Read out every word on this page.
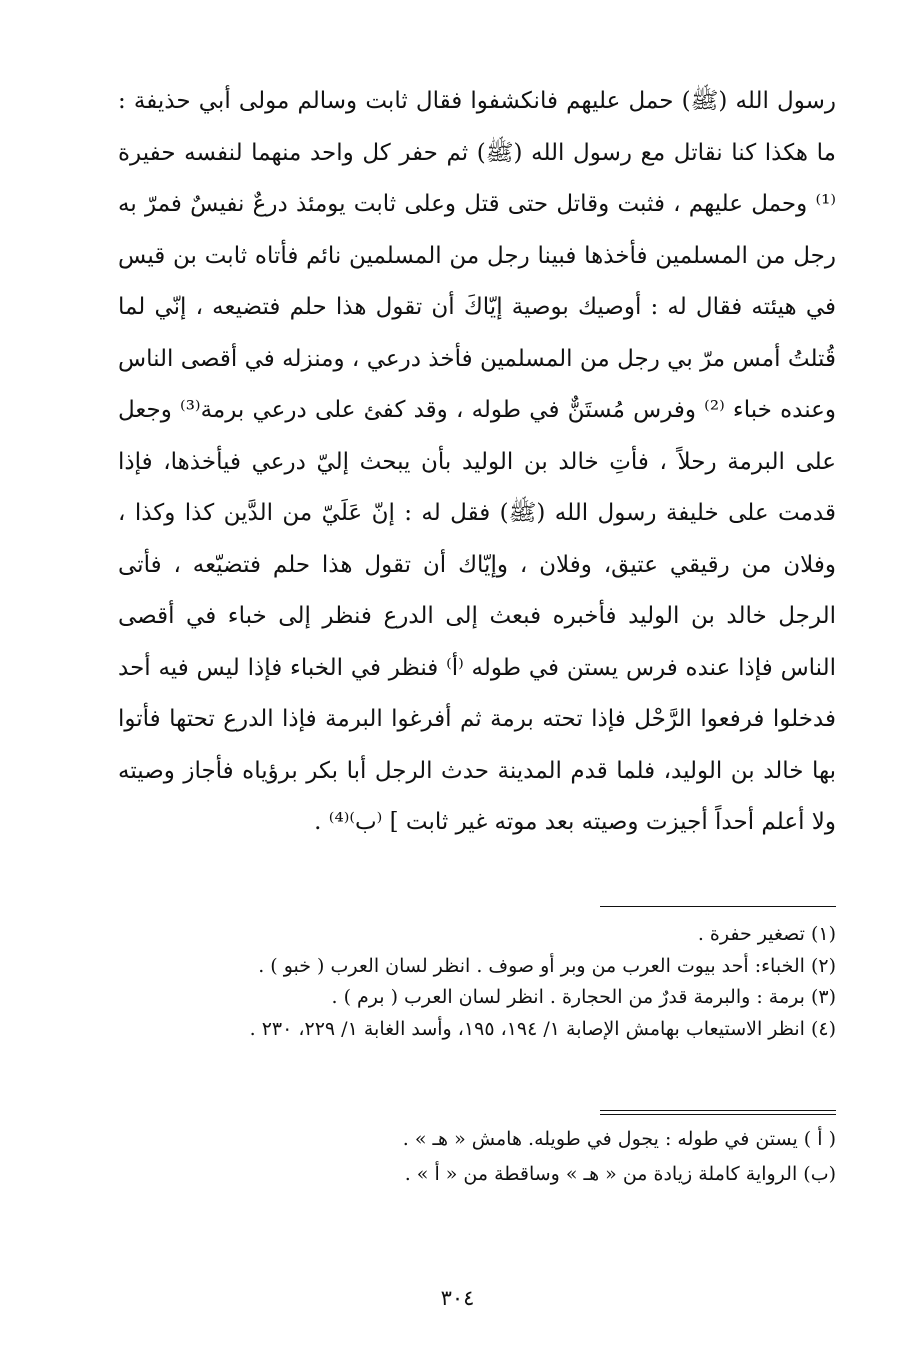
رسول الله (ﷺ) حمل عليهم فانكشفوا فقال ثابت وسالم مولى أبي حذيفة : ما هكذا كنا نقاتل مع رسول الله (ﷺ) ثم حفر كل واحد منهما لنفسه حفيرة ⁽¹⁾ وحمل عليهم ، فثبت وقاتل حتى قتل وعلى ثابت يومئذ درعٌ نفيسٌ فمرّ به رجل من المسلمين فأخذها فبينا رجل من المسلمين نائم فأتاه ثابت بن قيس في هيئته فقال له : أوصيك بوصية إيّاكَ أن تقول هذا حلم فتضيعه ، إنّي لما قُتلتُ أمس مرّ بي رجل من المسلمين فأخذ درعي ، ومنزله في أقصى الناس وعنده خباء ⁽²⁾ وفرس مُستَنٌّ في طوله ، وقد كفئ على درعي برمة⁽³⁾ وجعل على البرمة رحلاً ، فأتِ خالد بن الوليد بأن يبحث إليّ درعي فيأخذها، فإذا قدمت على خليفة رسول الله (ﷺ) فقل له : إنّ عَلَيّ من الدَّين كذا وكذا ، وفلان من رقيقي عتيق، وفلان ، وإيّاك أن تقول هذا حلم فتضيّعه ، فأتى الرجل خالد بن الوليد فأخبره فبعث إلى الدرع فنظر إلى خباء في أقصى الناس فإذا عنده فرس يستن في طوله ⁽أ⁾ فنظر في الخباء فإذا ليس فيه أحد فدخلوا فرفعوا الرَّحْل فإذا تحته برمة ثم أفرغوا البرمة فإذا الدرع تحتها فأتوا بها خالد بن الوليد، فلما قدم المدينة حدث الرجل أبا بكر برؤياه فأجاز وصيته ولا أعلم أحداً أجيزت وصيته بعد موته غير ثابت ] ⁽ب⁾⁽⁴⁾ .

(١) تصغير حفرة .
(٢) الخباء: أحد بيوت العرب من وبر أو صوف . انظر لسان العرب ( خبو ) .
(٣) برمة : والبرمة قدرٌ من الحجارة . انظر لسان العرب ( برم ) .
(٤) انظر الاستيعاب بهامش الإصابة ١/ ١٩٤، ١٩٥، وأسد الغابة ١/ ٢٢٩، ٢٣٠ .
( أ ) يستن في طوله : يجول في طويله. هامش « هـ » .
(ب) الرواية كاملة زيادة من « هـ » وساقطة من « أ » .
٣٠٤
